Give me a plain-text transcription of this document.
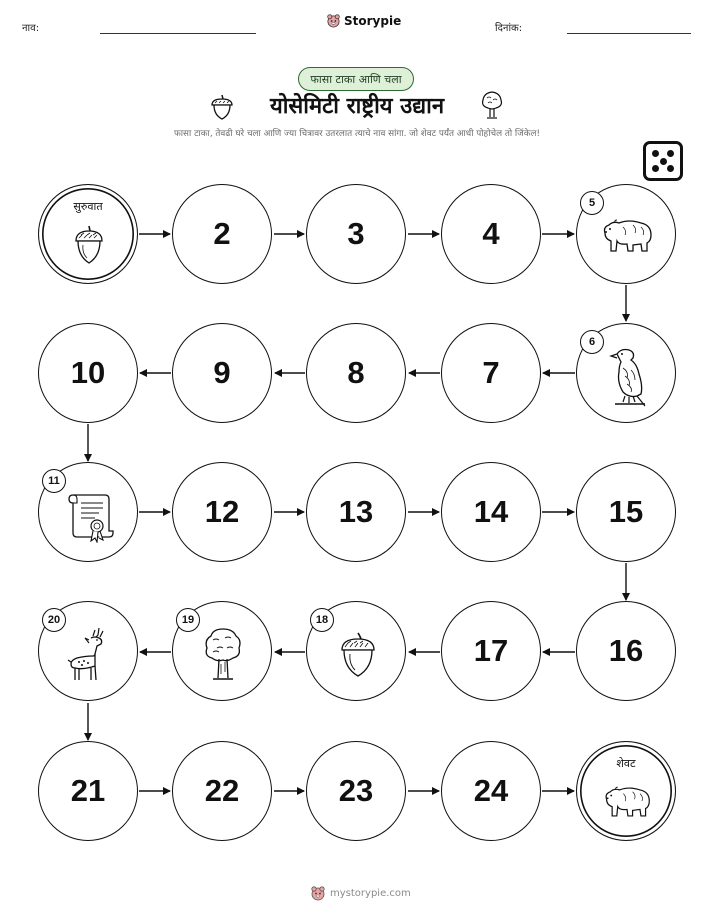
नाव:
Storypie
दिनांक:
फासा टाका आणि चला
योसेमिटी राष्ट्रीय उद्यान
फासा टाका, तेवढी घरे चला आणि ज्या चित्रावर उतरलात त्याचे नाव सांगा. जो शेवट पर्यंत आधी पोहोचेल तो जिंकेल!
सुरुवात
2	3	4
5
10	9	8	7
6
11
12	13	14	15
20	19	18
17	16
21	22	23	24
शेवट
mystorypie.com
